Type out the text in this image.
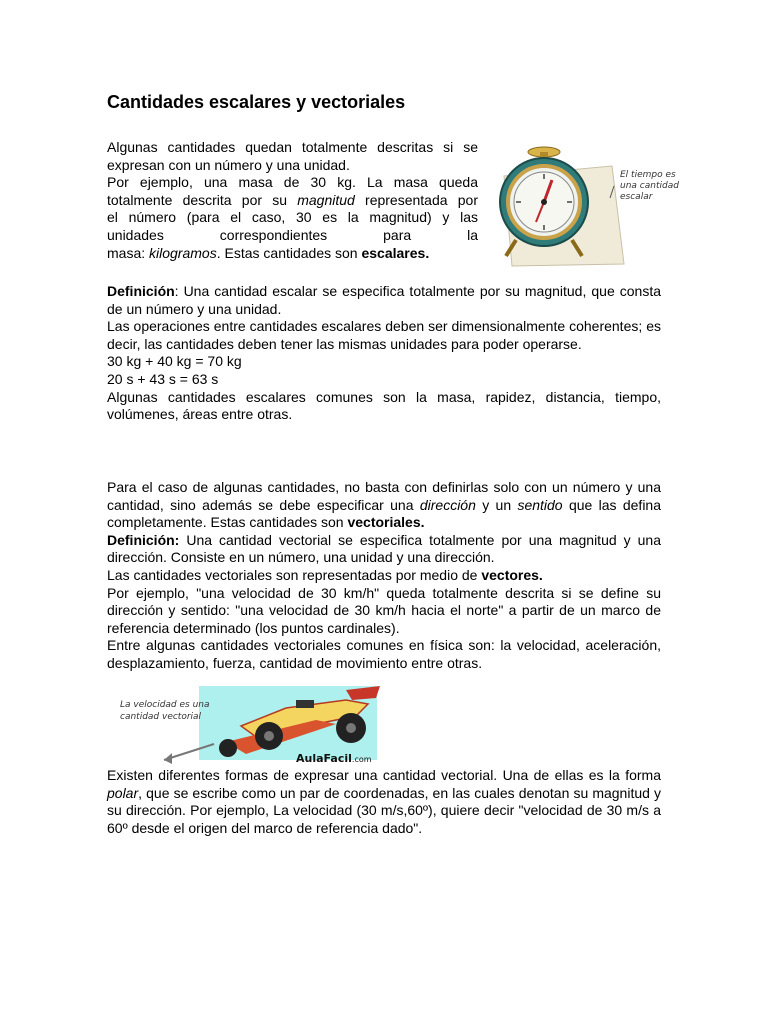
Cantidades escalares y vectoriales

Algunas cantidades quedan totalmente descritas si se

expresan con un número y una unidad.

Por ejemplo, una masa de 30 kg. La masa queda

totalmente descrita por su magnitud representada por

el número (para el caso, 30 es la magnitud) y las

unidades correspondientes para la

masa: kilogramos. Estas cantidades son escalares.

El tiempo es una cantidad escalar

Definición: Una cantidad escalar se especifica totalmente por su magnitud, que consta de un número y una unidad.

Las operaciones entre cantidades escalares deben ser dimensionalmente coherentes; es decir, las cantidades deben tener las mismas unidades para poder operarse.

30 kg + 40 kg = 70 kg

20 s + 43 s = 63 s

Algunas cantidades escalares comunes son la masa, rapidez, distancia, tiempo, volúmenes, áreas entre otras.

Para el caso de algunas cantidades, no basta con definirlas solo con un número y una cantidad, sino además se debe especificar una dirección y un sentido que las defina completamente. Estas cantidades son vectoriales.

Definición: Una cantidad vectorial se especifica totalmente por una magnitud y una dirección. Consiste en un número, una unidad y una dirección.

Las cantidades vectoriales son representadas por medio de vectores.

Por ejemplo, "una velocidad de 30 km/h" queda totalmente descrita si se define su dirección y sentido: "una velocidad de 30 km/h hacia el norte" a partir de un marco de referencia determinado (los puntos cardinales).

Entre algunas cantidades vectoriales comunes en física son: la velocidad, aceleración, desplazamiento, fuerza, cantidad de movimiento entre otras.

La velocidad es una cantidad vectorial
AulaFacil.com

Existen diferentes formas de expresar una cantidad vectorial. Una de ellas es la forma polar, que se escribe como un par de coordenadas, en las cuales denotan su magnitud y su dirección. Por ejemplo, La velocidad (30 m/s,60º), quiere decir "velocidad de 30 m/s a 60º desde el origen del marco de referencia dado".
